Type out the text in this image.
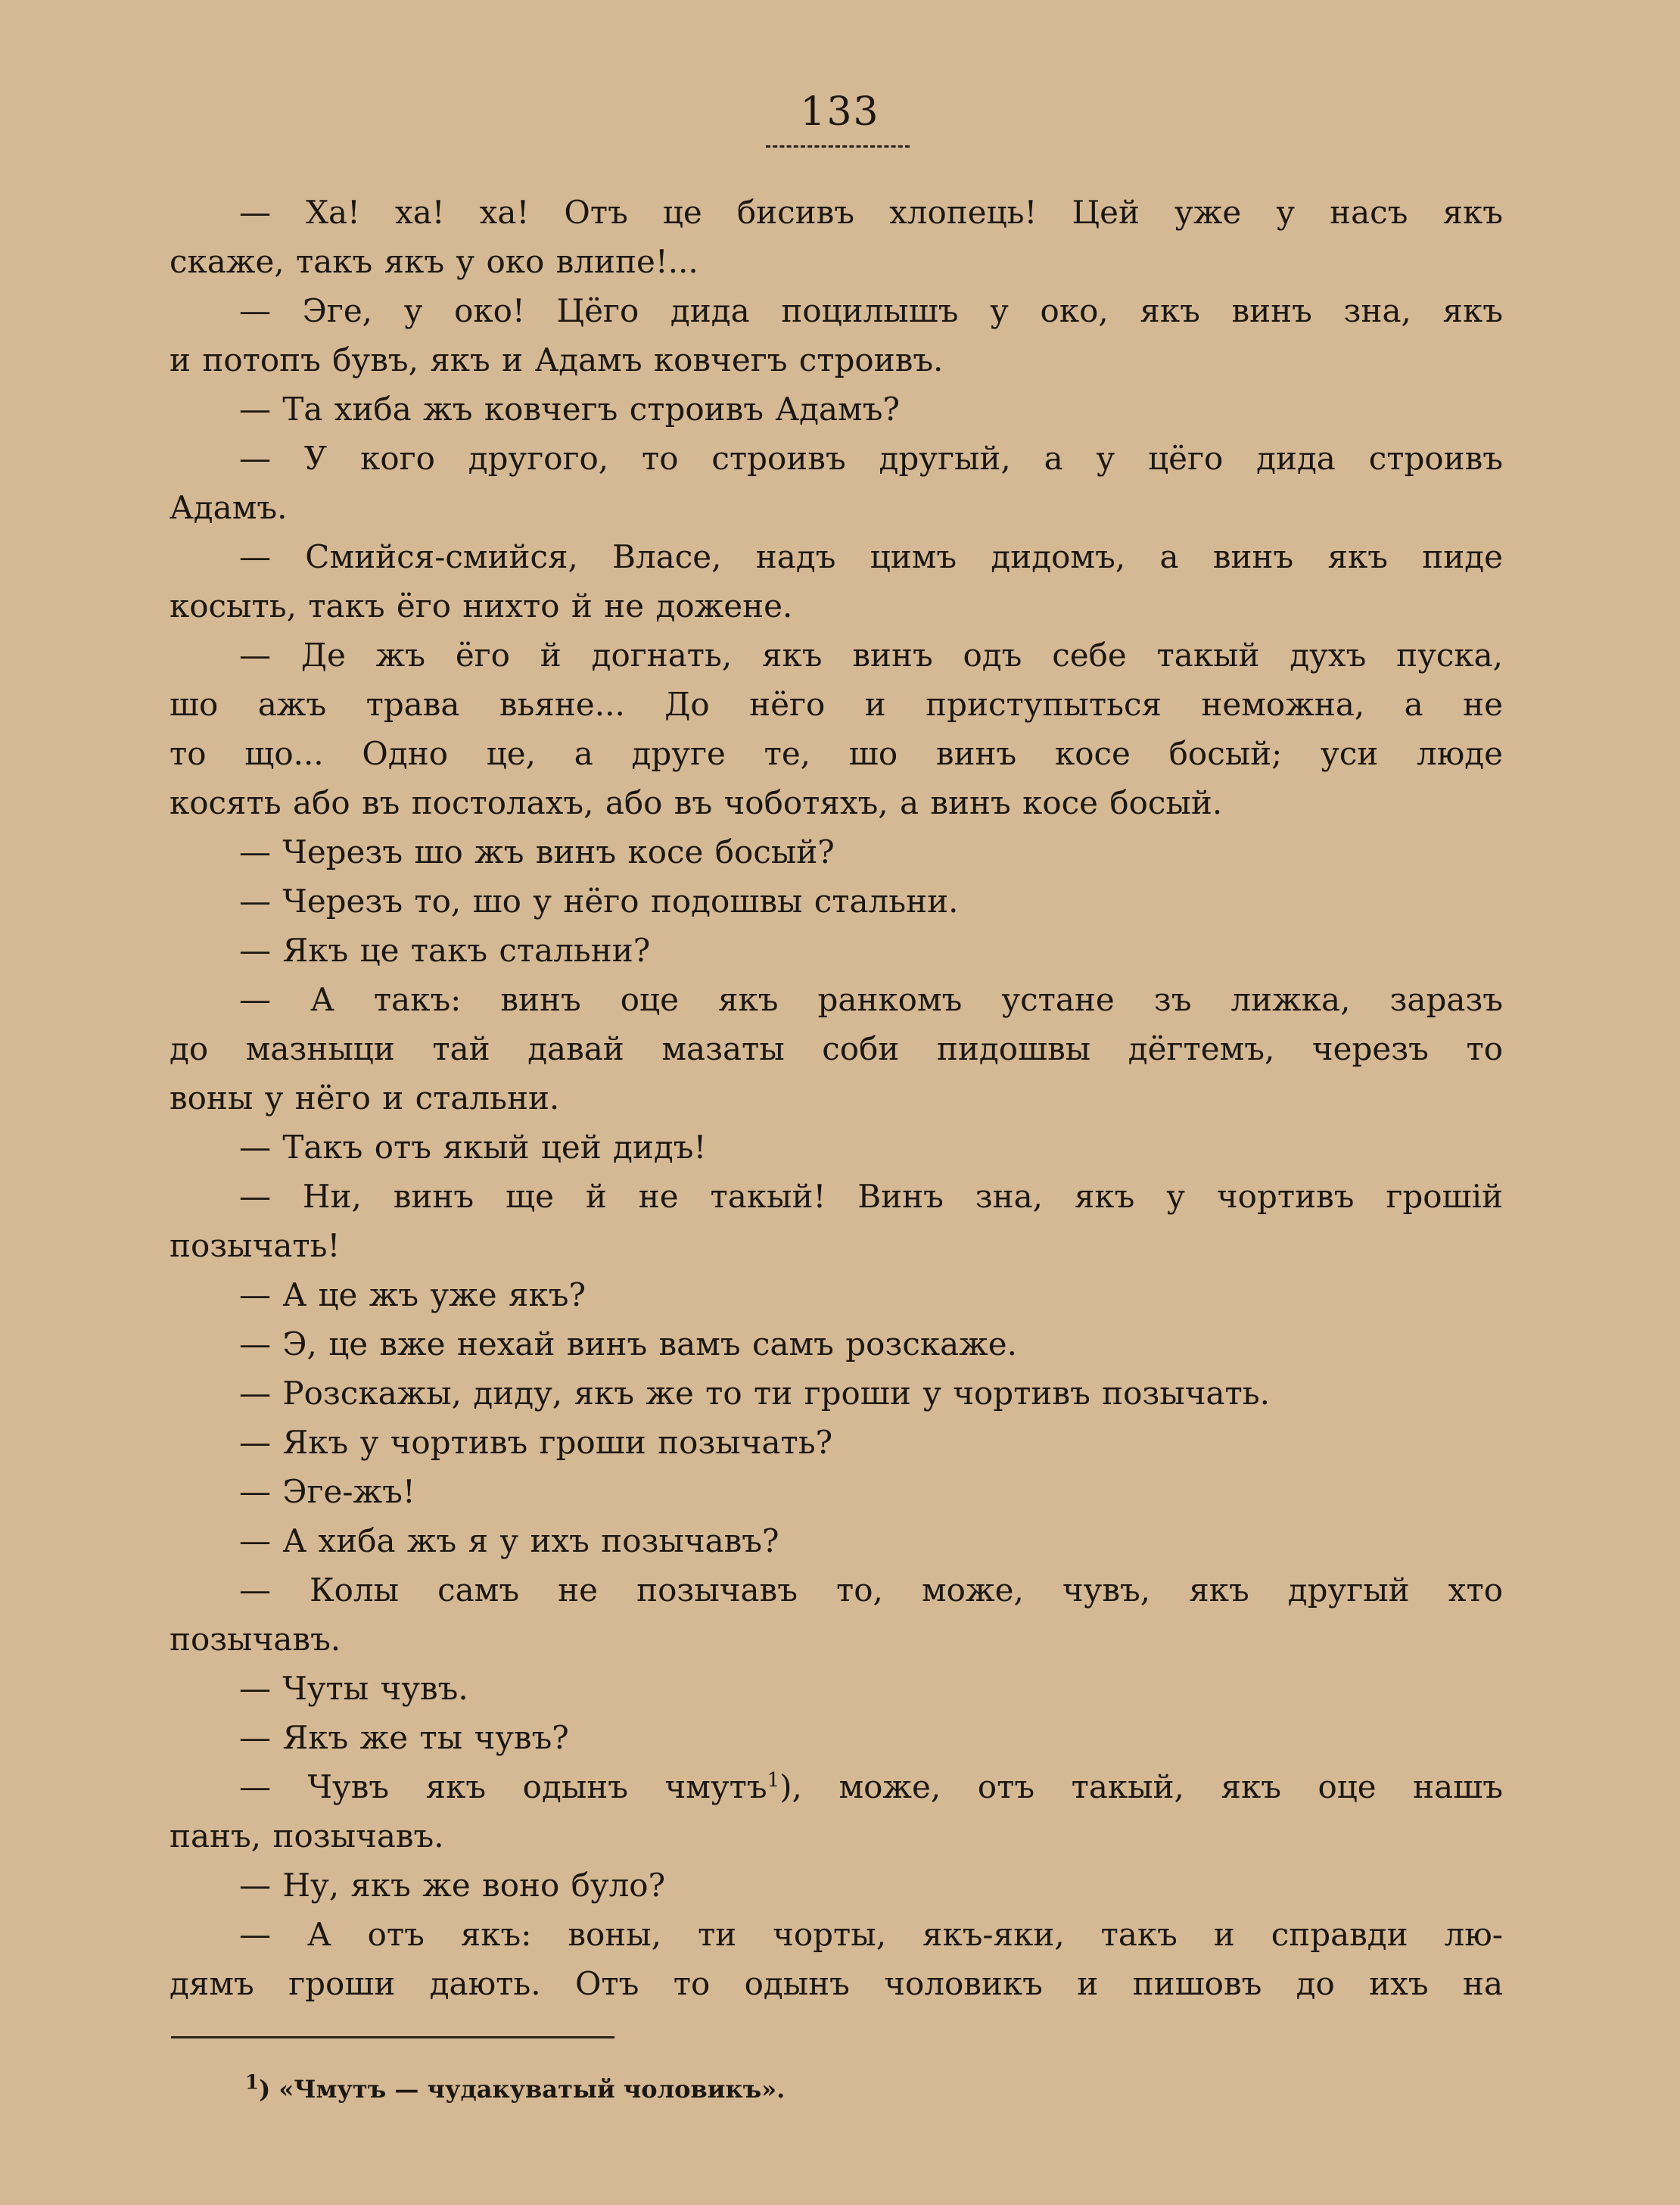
133
— Ха! ха! ха! Отъ це бисивъ хлопець! Цей уже у насъ якъ
скаже, такъ якъ у око влипе!...
— Эге, у око! Цёго дида поцилышъ у око, якъ винъ зна, якъ
и потопъ бувъ, якъ и Адамъ ковчегъ строивъ.
— Та хиба жъ ковчегъ строивъ Адамъ?
— У кого другого, то строивъ другый, а у цёго дида строивъ
Адамъ.
— Смийся-смийся, Власе, надъ цимъ дидомъ, а винъ якъ пиде
косыть, такъ ёго нихто й не дожене.
— Де жъ ёго й догнать, якъ винъ одъ себе такый духъ пуска,
шо ажъ трава вьяне... До нёго и приступыться неможна, а не
то що... Одно це, а друге те, шо винъ косе босый; уси люде
косять або въ постолахъ, або въ чоботяхъ, а винъ косе босый.
— Черезъ шо жъ винъ косе босый?
— Черезъ то, шо у нёго подошвы стальни.
— Якъ це такъ стальни?
— А такъ: винъ оце якъ ранкомъ устане зъ лижка, заразъ
до мазныци тай давай мазаты соби пидошвы дёгтемъ, черезъ то
воны у нёго и стальни.
— Такъ отъ якый цей дидъ!
— Ни, винъ ще й не такый! Винъ зна, якъ у чортивъ грошій
позычать!
— А це жъ уже якъ?
— Э, це вже нехай винъ вамъ самъ розскаже.
— Розскажы, диду, якъ же то ти гроши у чортивъ позычать.
— Якъ у чортивъ гроши позычать?
— Эге-жъ!
— А хиба жъ я у ихъ позычавъ?
— Колы самъ не позычавъ то, може, чувъ, якъ другый хто
позычавъ.
— Чуты чувъ.
— Якъ же ты чувъ?
— Чувъ якъ одынъ чмутъ$^1$), може, отъ такый, якъ оце нашъ
панъ, позычавъ.
— Ну, якъ же воно було?
— А отъ якъ: воны, ти чорты, якъ-яки, такъ и справди лю-
дямъ гроши дають. Отъ то одынъ чоловикъ и пишовъ до ихъ на
$^1$) «Чмутъ — чудакуватый чоловикъ».
